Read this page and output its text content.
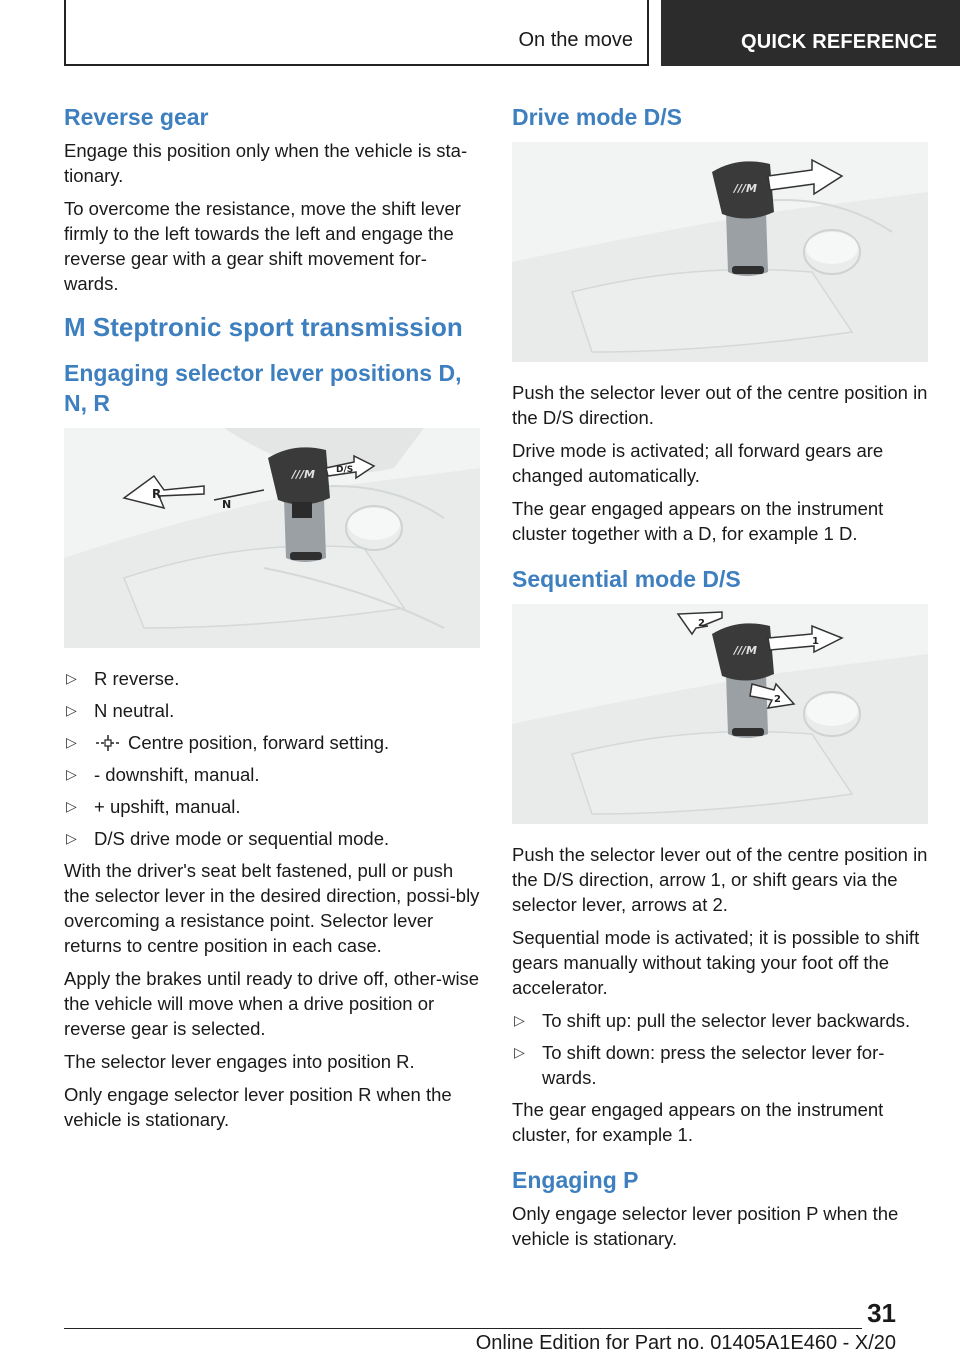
On the move	QUICK REFERENCE
Reverse gear

Engage this position only when the vehicle is sta-tionary.

To overcome the resistance, move the shift lever firmly to the left towards the left and engage the reverse gear with a gear shift movement for-wards.

M Steptronic sport transmission
Engaging selector lever positions D, N, R
///M
R
N
D/S
▷ R reverse.
▷ N neutral.
▷	Centre position, forward setting.
▷ - downshift, manual.
▷ + upshift, manual.
▷ D/S drive mode or sequential mode.

With the driver's seat belt fastened, pull or push the selector lever in the desired direction, possi-bly overcoming a resistance point. Selector lever returns to centre position in each case.

Apply the brakes until ready to drive off, other-wise the vehicle will move when a drive position or reverse gear is selected.

The selector lever engages into position R.

Only engage selector lever position R when the vehicle is stationary.

Drive mode D/S
///M

Push the selector lever out of the centre position in the D/S direction.

Drive mode is activated; all forward gears are changed automatically.

The gear engaged appears on the instrument cluster together with a D, for example 1 D.

Sequential mode D/S
///M
2
1
2

Push the selector lever out of the centre position in the D/S direction, arrow 1, or shift gears via the selector lever, arrows at 2.

Sequential mode is activated; it is possible to shift gears manually without taking your foot off the accelerator.

▷ To shift up: pull the selector lever backwards.
▷ To shift down: press the selector lever for-wards.

The gear engaged appears on the instrument cluster, for example 1.

Engaging P

Only engage selector lever position P when the vehicle is stationary.

31
Online Edition for Part no. 01405A1E460 - X/20
